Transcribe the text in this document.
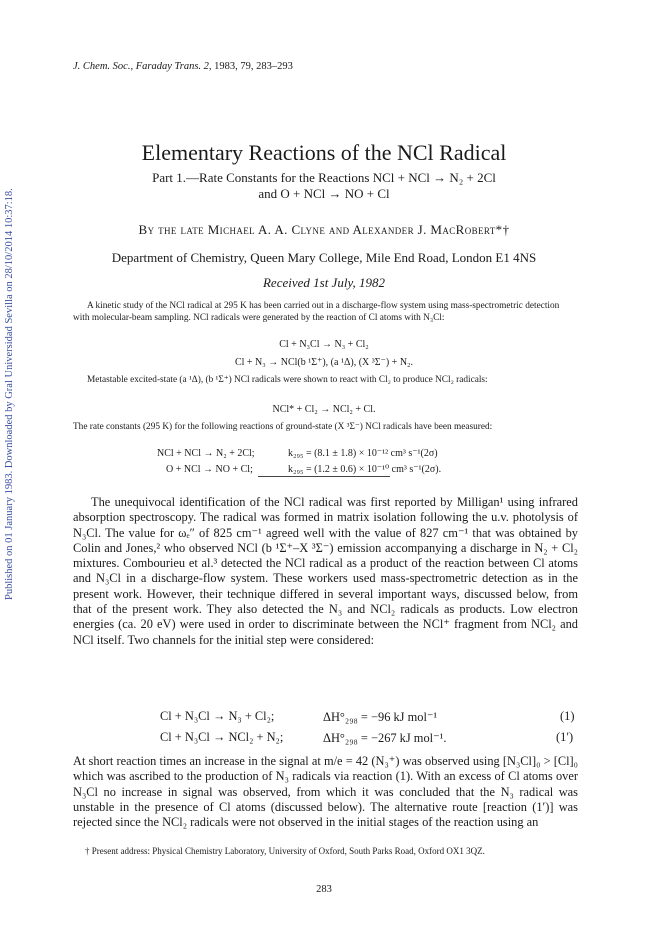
Published on 01 January 1983. Downloaded by Gral Universidad Sevilla on 28/10/2014 10:37:18.
J. Chem. Soc., Faraday Trans. 2, 1983, 79, 283–293
Elementary Reactions of the NCl Radical
Part 1.—Rate Constants for the Reactions NCl + NCl → N₂ + 2Cl
and O + NCl → NO + Cl
By the late Michael A. A. Clyne and Alexander J. MacRobert*†
Department of Chemistry, Queen Mary College, Mile End Road, London E1 4NS
Received 1st July, 1982
A kinetic study of the NCl radical at 295 K has been carried out in a discharge-flow system using mass-spectrometric detection with molecular-beam sampling. NCl radicals were generated by the reaction of Cl atoms with N₃Cl:
Cl + N₃Cl → N₃ + Cl₂
Cl + N₃ → NCl(b ¹Σ⁺), (a ¹Δ), (X ³Σ⁻) + N₂.
Metastable excited-state (a ¹Δ), (b ¹Σ⁺) NCl radicals were shown to react with Cl₂ to produce NCl₂ radicals:
NCl* + Cl₂ → NCl₂ + Cl.
The rate constants (295 K) for the following reactions of ground-state (X ³Σ⁻) NCl radicals have been measured:
NCl + NCl → N₂ + 2Cl;	k₂₉₅ = (8.1 ± 1.8) × 10⁻¹² cm³ s⁻¹(2σ)
O + NCl → NO + Cl;	k₂₉₅ = (1.2 ± 0.6) × 10⁻¹⁰ cm³ s⁻¹(2σ).
The unequivocal identification of the NCl radical was first reported by Milligan¹ using infrared absorption spectroscopy. The radical was formed in matrix isolation following the u.v. photolysis of N₃Cl. The value for ωₑ″ of 825 cm⁻¹ agreed well with the value of 827 cm⁻¹ that was obtained by Colin and Jones,² who observed NCl (b ¹Σ⁺–X ³Σ⁻) emission accompanying a discharge in N₂ + Cl₂ mixtures. Combourieu et al.³ detected the NCl radical as a product of the reaction between Cl atoms and N₃Cl in a discharge-flow system. These workers used mass-spectrometric detection as in the present work. However, their technique differed in several important ways, discussed below, from that of the present work. They also detected the N₃ and NCl₂ radicals as products. Low electron energies (ca. 20 eV) were used in order to discriminate between the NCl⁺ fragment from NCl₂ and NCl itself. Two channels for the initial step were considered:
Cl + N₃Cl → N₃ + Cl₂;	ΔH°₂₉₈ = −96 kJ mol⁻¹	(1)
Cl + N₃Cl → NCl₂ + N₂;	ΔH°₂₉₈ = −267 kJ mol⁻¹.	(1′)
At short reaction times an increase in the signal at m/e = 42 (N₃⁺) was observed using [N₃Cl]₀ > [Cl]₀ which was ascribed to the production of N₃ radicals via reaction (1). With an excess of Cl atoms over N₃Cl no increase in signal was observed, from which it was concluded that the N₃ radical was unstable in the presence of Cl atoms (discussed below). The alternative route [reaction (1′)] was rejected since the NCl₂ radicals were not observed in the initial stages of the reaction using an
† Present address: Physical Chemistry Laboratory, University of Oxford, South Parks Road, Oxford OX1 3QZ.
283
